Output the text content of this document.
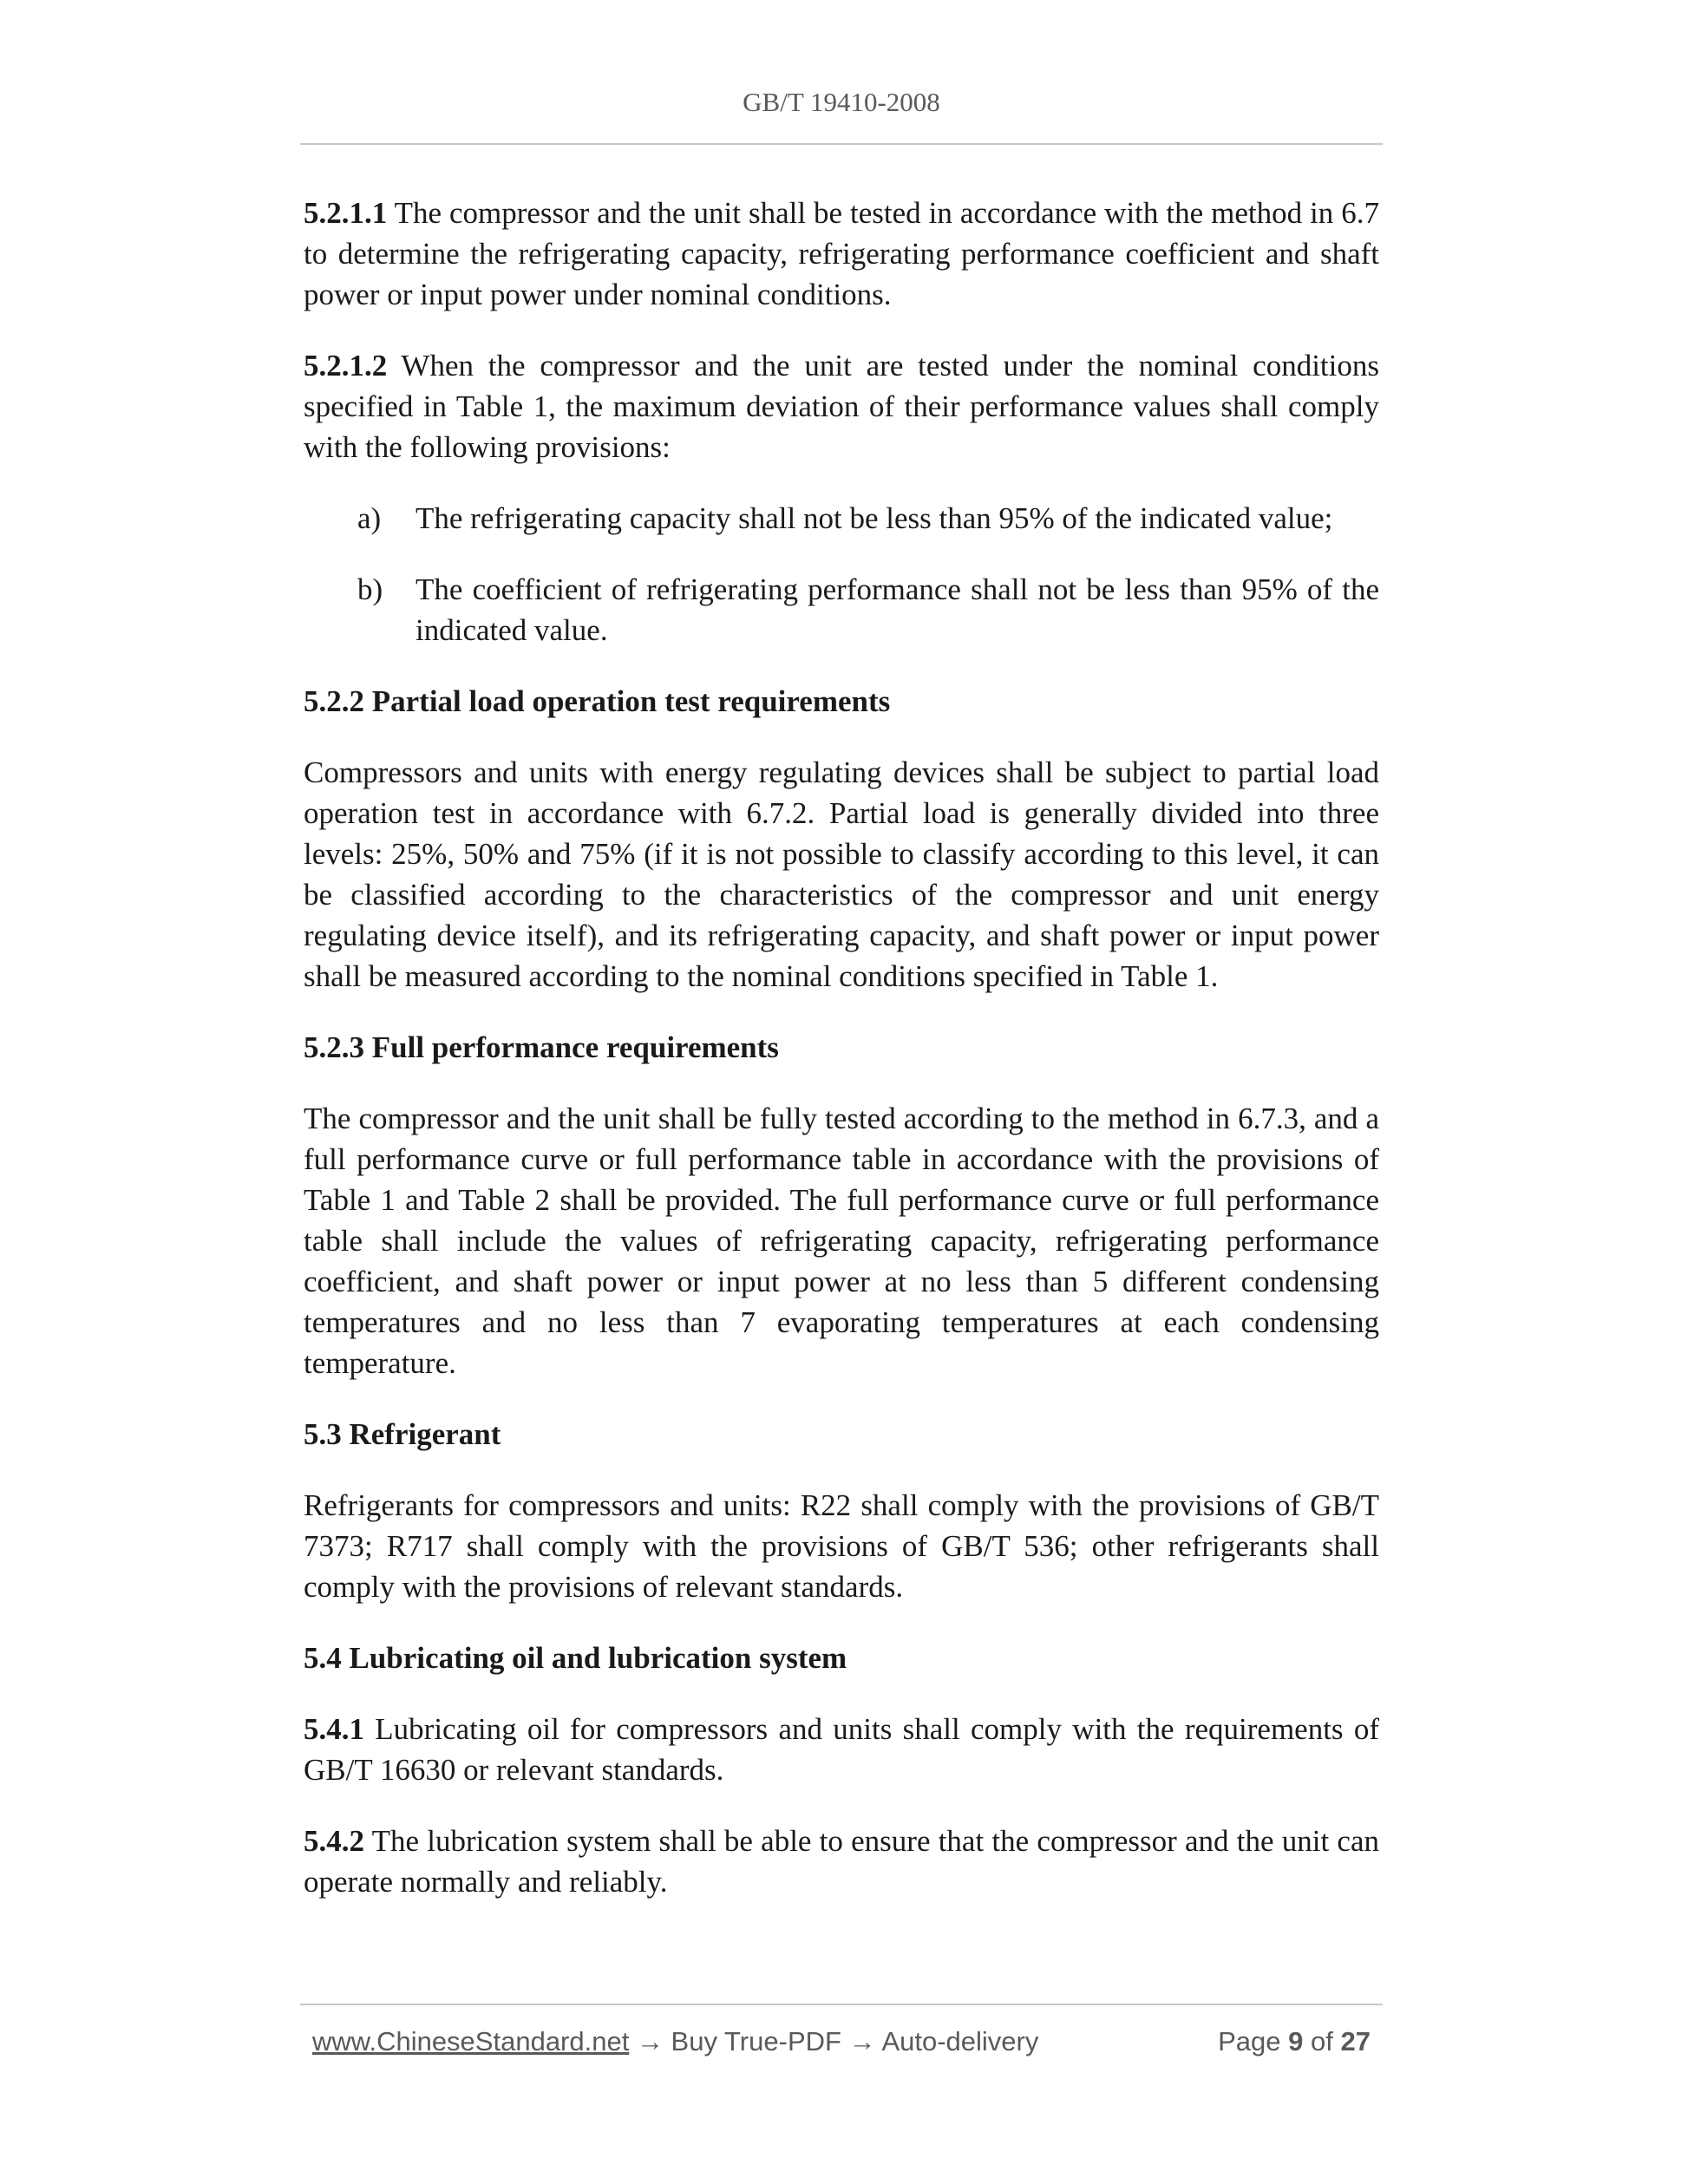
GB/T 19410-2008

5.2.1.1 The compressor and the unit shall be tested in accordance with the method in 6.7 to determine the refrigerating capacity, refrigerating performance coefficient and shaft power or input power under nominal conditions.

5.2.1.2 When the compressor and the unit are tested under the nominal conditions specified in Table 1, the maximum deviation of their performance values shall comply with the following provisions:

a) The refrigerating capacity shall not be less than 95% of the indicated value;
b) The coefficient of refrigerating performance shall not be less than 95% of the indicated value.

5.2.2 Partial load operation test requirements

Compressors and units with energy regulating devices shall be subject to partial load operation test in accordance with 6.7.2. Partial load is generally divided into three levels: 25%, 50% and 75% (if it is not possible to classify according to this level, it can be classified according to the characteristics of the compressor and unit energy regulating device itself), and its refrigerating capacity, and shaft power or input power shall be measured according to the nominal conditions specified in Table 1.

5.2.3 Full performance requirements

The compressor and the unit shall be fully tested according to the method in 6.7.3, and a full performance curve or full performance table in accordance with the provisions of Table 1 and Table 2 shall be provided. The full performance curve or full performance table shall include the values of refrigerating capacity, refrigerating performance coefficient, and shaft power or input power at no less than 5 different condensing temperatures and no less than 7 evaporating temperatures at each condensing temperature.

5.3 Refrigerant

Refrigerants for compressors and units: R22 shall comply with the provisions of GB/T 7373; R717 shall comply with the provisions of GB/T 536; other refrigerants shall comply with the provisions of relevant standards.

5.4 Lubricating oil and lubrication system

5.4.1 Lubricating oil for compressors and units shall comply with the requirements of GB/T 16630 or relevant standards.

5.4.2 The lubrication system shall be able to ensure that the compressor and the unit can operate normally and reliably.

www.ChineseStandard.net → Buy True-PDF → Auto-delivery	Page 9 of 27
